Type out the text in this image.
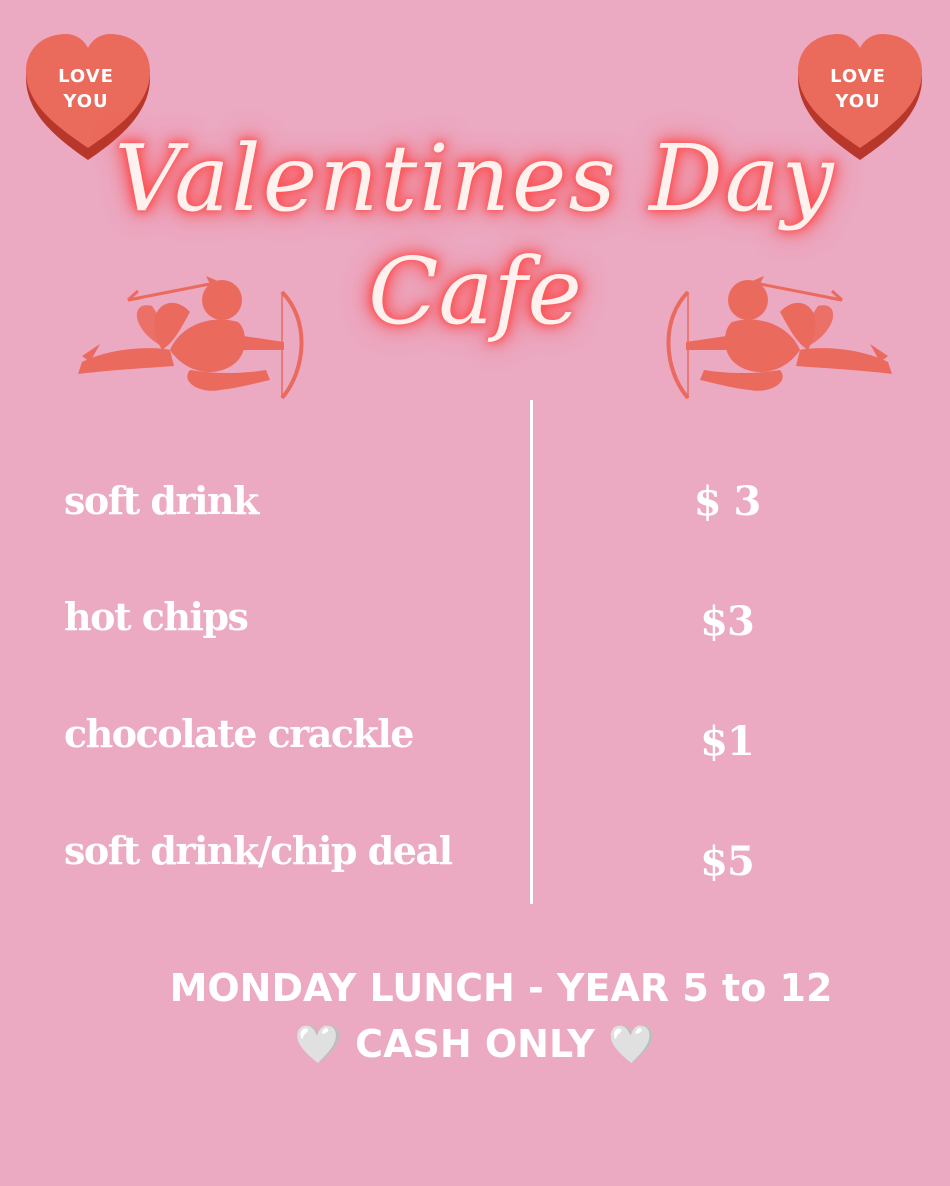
LOVE
YOU
LOVE
YOU
Valentines Day
Cafe
soft drink	$ 3
hot chips	$3
chocolate crackle	$1
soft drink/chip deal	$5
MONDAY LUNCH - YEAR 5 to 12
🤍 CASH ONLY 🤍
